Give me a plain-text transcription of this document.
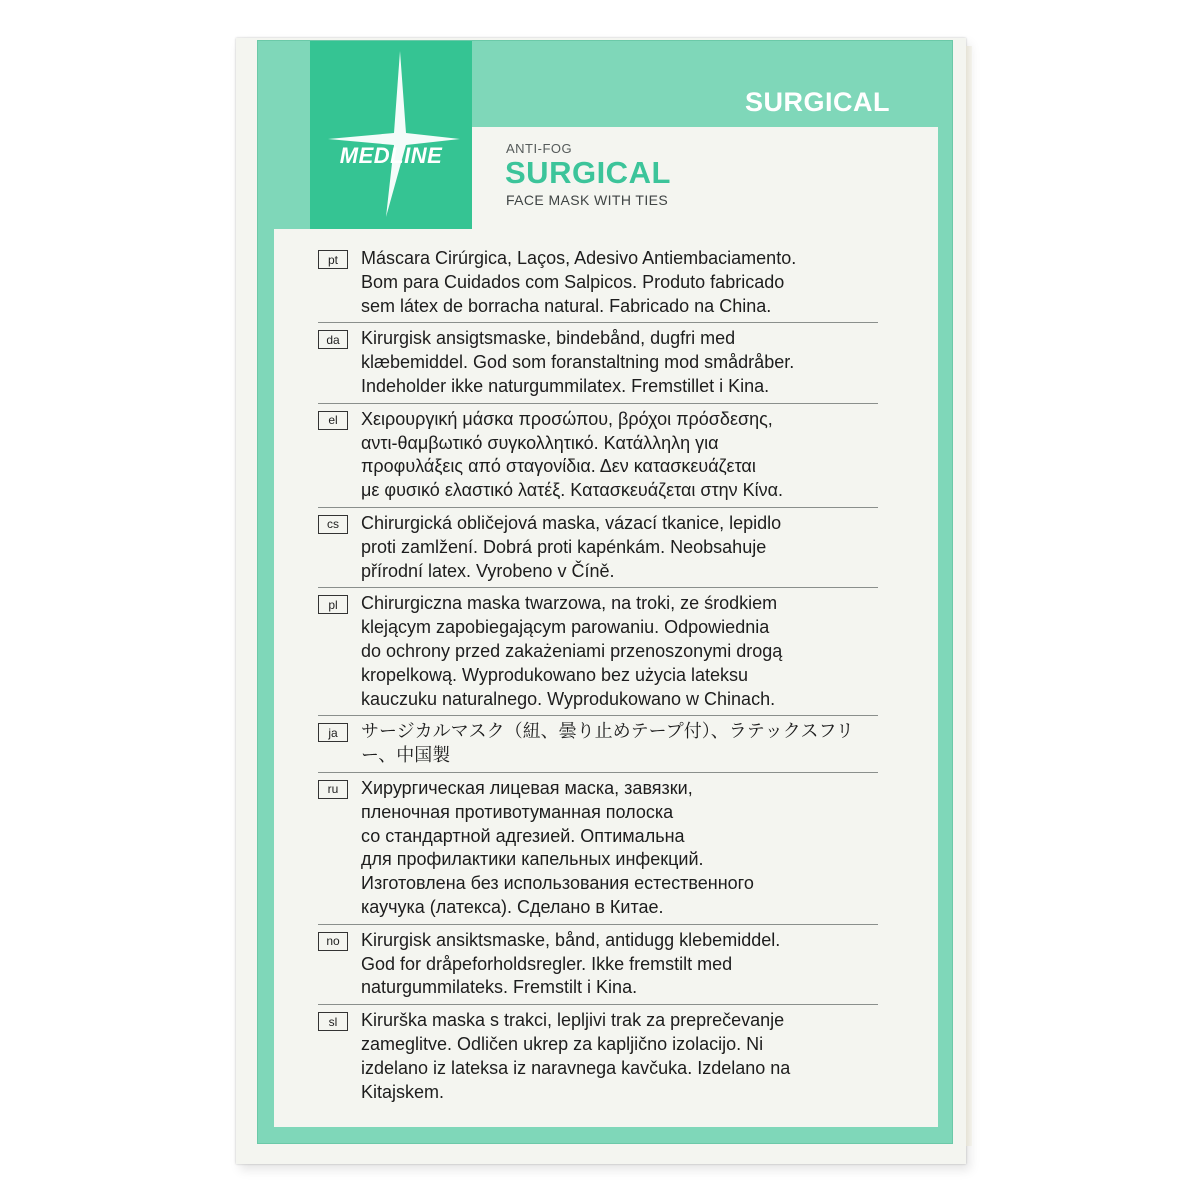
MEDLINE
SURGICAL
ANTI-FOG
SURGICAL
FACE MASK WITH TIES
pt	Máscara Cirúrgica, Laços, Adesivo Antiembaciamento.
Bom para Cuidados com Salpicos. Produto fabricado
sem látex de borracha natural. Fabricado na China.

da	Kirurgisk ansigtsmaske, bindebånd, dugfri med
klæbemiddel. God som foranstaltning mod smådråber.
Indeholder ikke naturgummilatex. Fremstillet i Kina.

el	Χειρουργική μάσκα προσώπου, βρόχοι πρόσδεσης,
αντι-θαμβωτικό συγκολλητικό. Κατάλληλη για
προφυλάξεις από σταγονίδια. Δεν κατασκευάζεται
με φυσικό ελαστικό λατέξ. Κατασκευάζεται στην Κίνα.

cs	Chirurgická obličejová maska, vázací tkanice, lepidlo
proti zamlžení. Dobrá proti kapénkám. Neobsahuje
přírodní latex. Vyrobeno v Číně.

pl	Chirurgiczna maska twarzowa, na troki, ze środkiem
klejącym zapobiegającym parowaniu. Odpowiednia
do ochrony przed zakażeniami przenoszonymi drogą
kropelkową. Wyprodukowano bez użycia lateksu
kauczuku naturalnego. Wyprodukowano w Chinach.

ja	サージカルマスク（紐、曇り止めテープ付）、ラテックスフリ
ー、中国製

ru	Хирургическая лицевая маска, завязки,
пленочная противотуманная полоска
со стандартной адгезией. Оптимальна
для профилактики капельных инфекций.
Изготовлена без использования естественного
каучука (латекса). Сделано в Китае.

no	Kirurgisk ansiktsmaske, bånd, antidugg klebemiddel.
God for dråpeforholdsregler. Ikke fremstilt med
naturgummilateks. Fremstilt i Kina.

sl	Kirurška maska s trakci, lepljivi trak za preprečevanje
zameglitve. Odličen ukrep za kapljično izolacijo. Ni
izdelano iz lateksa iz naravnega kavčuka. Izdelano na
Kitajskem.
